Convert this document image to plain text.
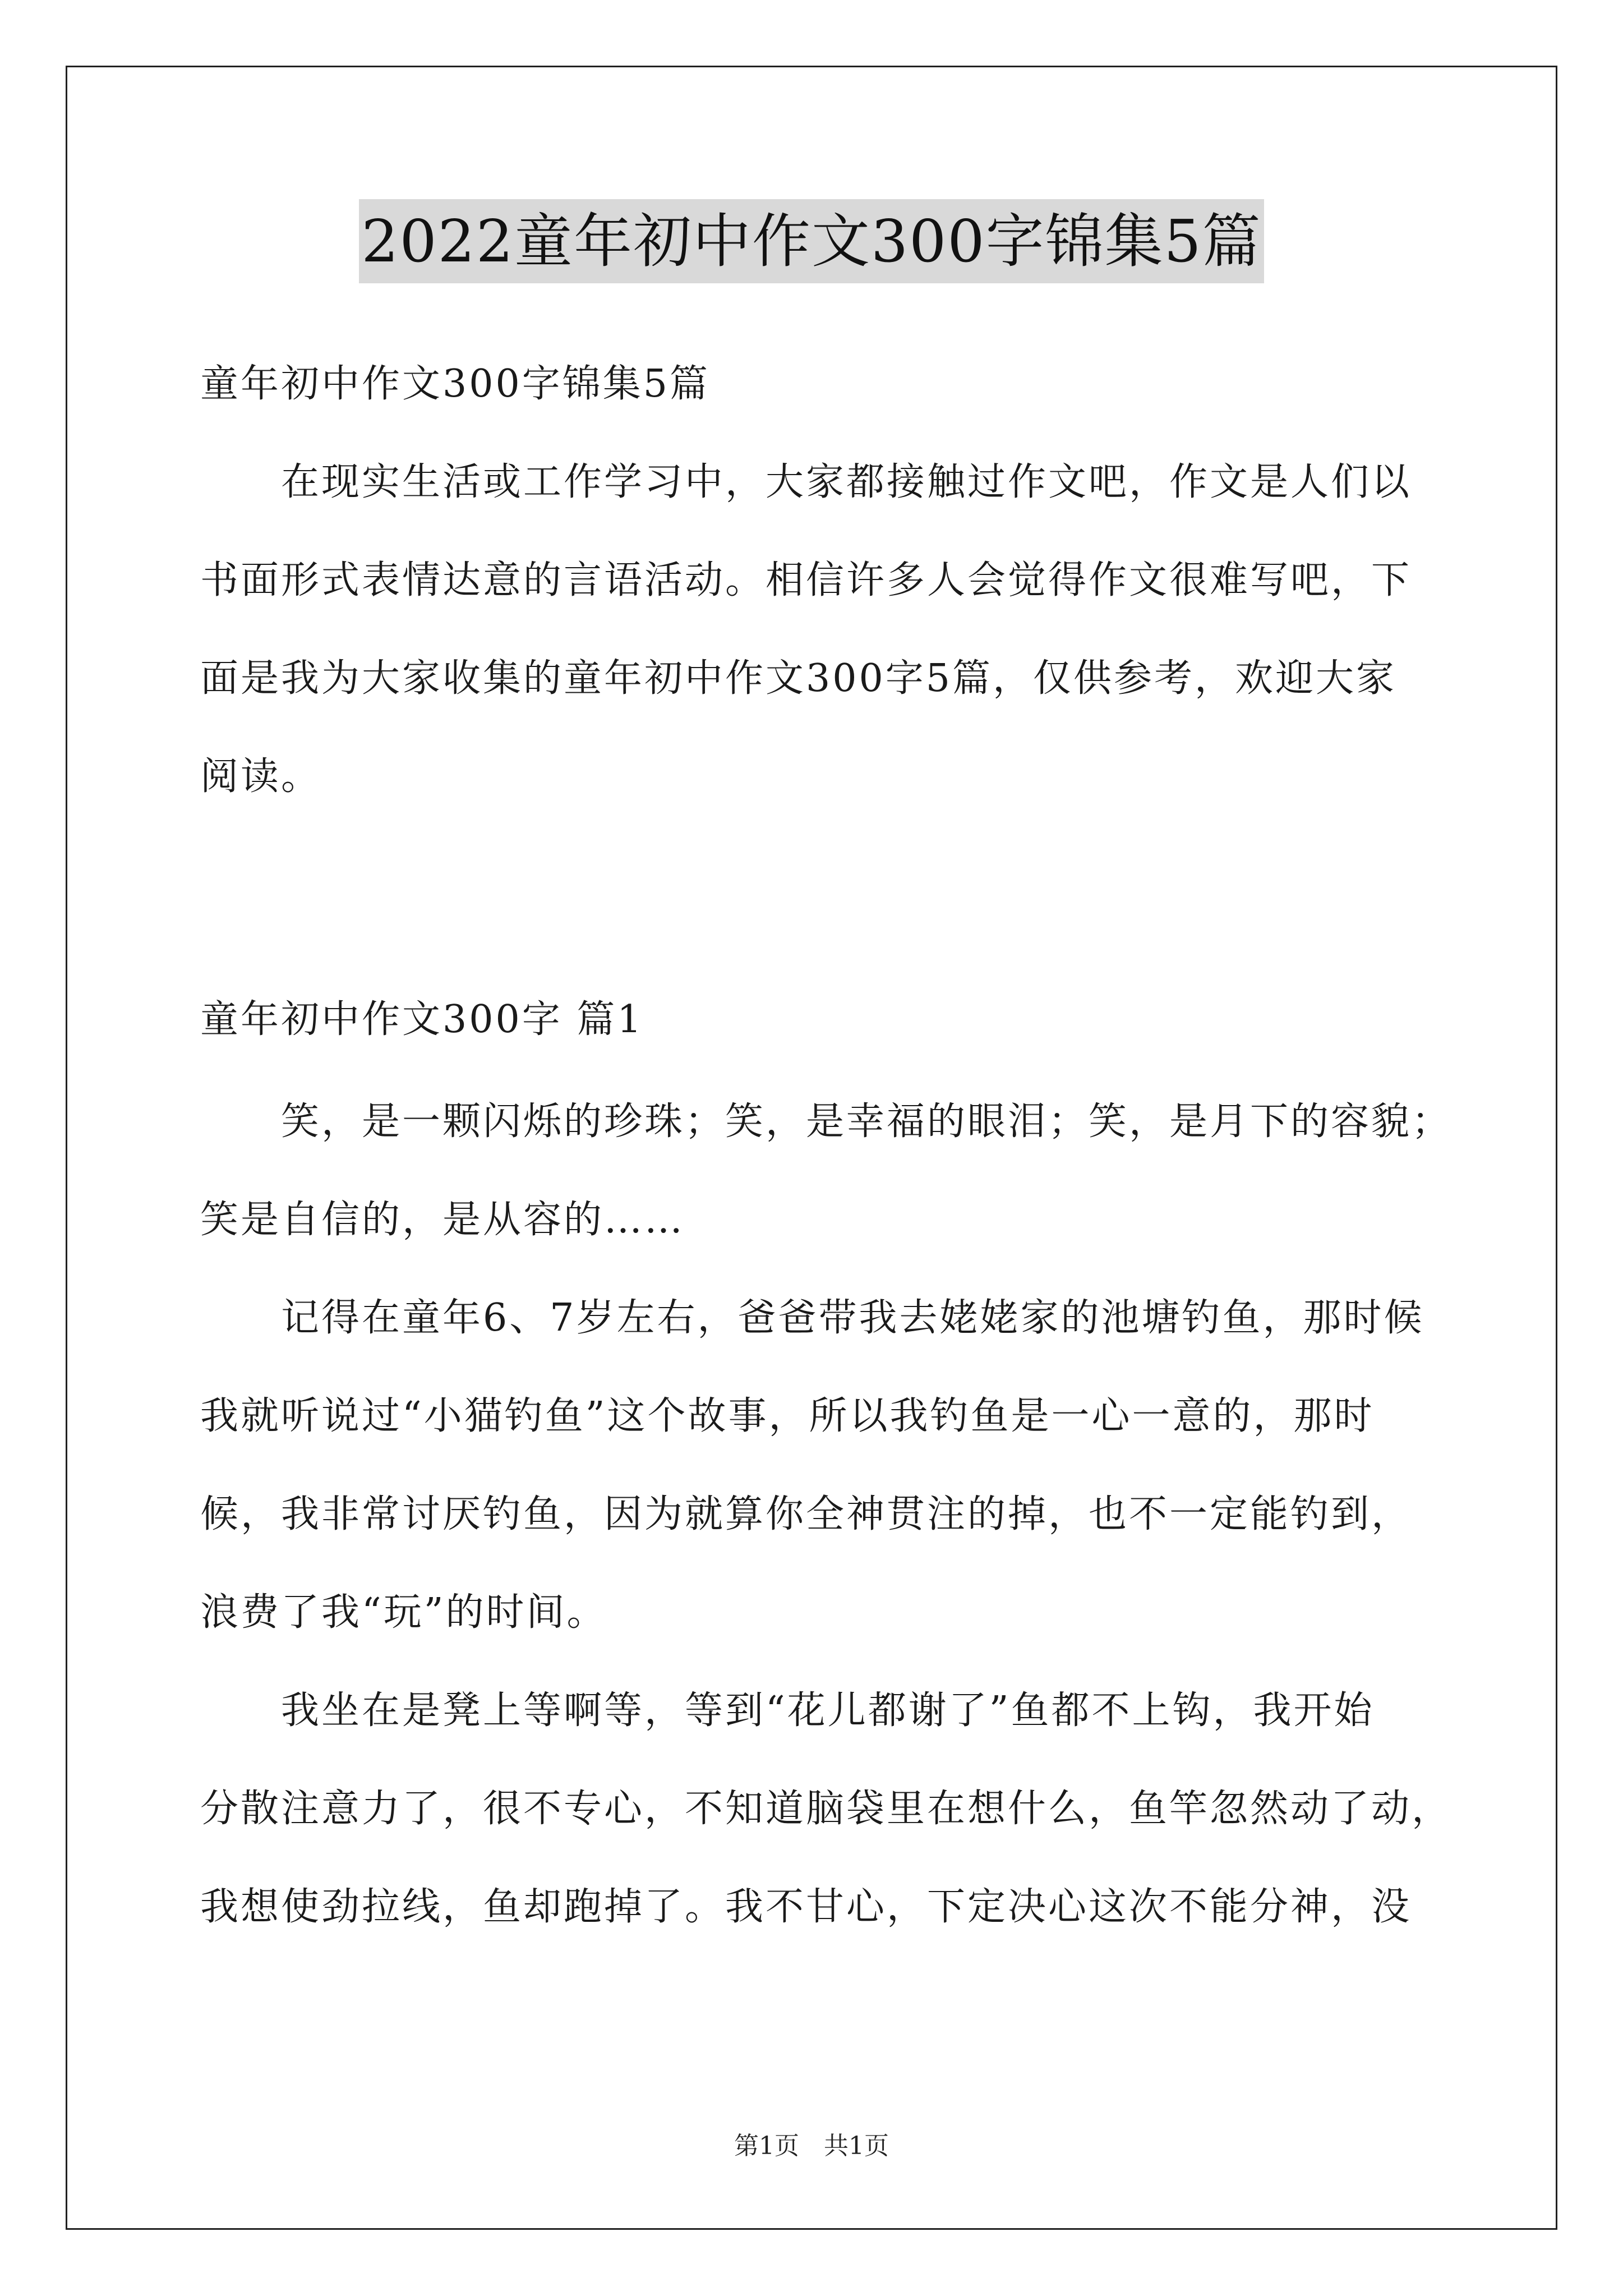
2022童年初中作文300字锦集5篇
童年初中作文300字锦集5篇
　　在现实生活或工作学习中，大家都接触过作文吧，作文是人们以
书面形式表情达意的言语活动。相信许多人会觉得作文很难写吧，下
面是我为大家收集的童年初中作文300字5篇，仅供参考，欢迎大家
阅读。
童年初中作文300字 篇1
　　笑，是一颗闪烁的珍珠；笑，是幸福的眼泪；笑，是月下的容貌；
笑是自信的，是从容的……
　　记得在童年6、7岁左右，爸爸带我去姥姥家的池塘钓鱼，那时候
我就听说过“小猫钓鱼”这个故事，所以我钓鱼是一心一意的，那时
候，我非常讨厌钓鱼，因为就算你全神贯注的掉，也不一定能钓到，
浪费了我“玩”的时间。
　　我坐在是凳上等啊等，等到“花儿都谢了”鱼都不上钩，我开始
分散注意力了，很不专心，不知道脑袋里在想什么，鱼竿忽然动了动，
我想使劲拉线，鱼却跑掉了。我不甘心，下定决心这次不能分神，没
第1页　共1页
